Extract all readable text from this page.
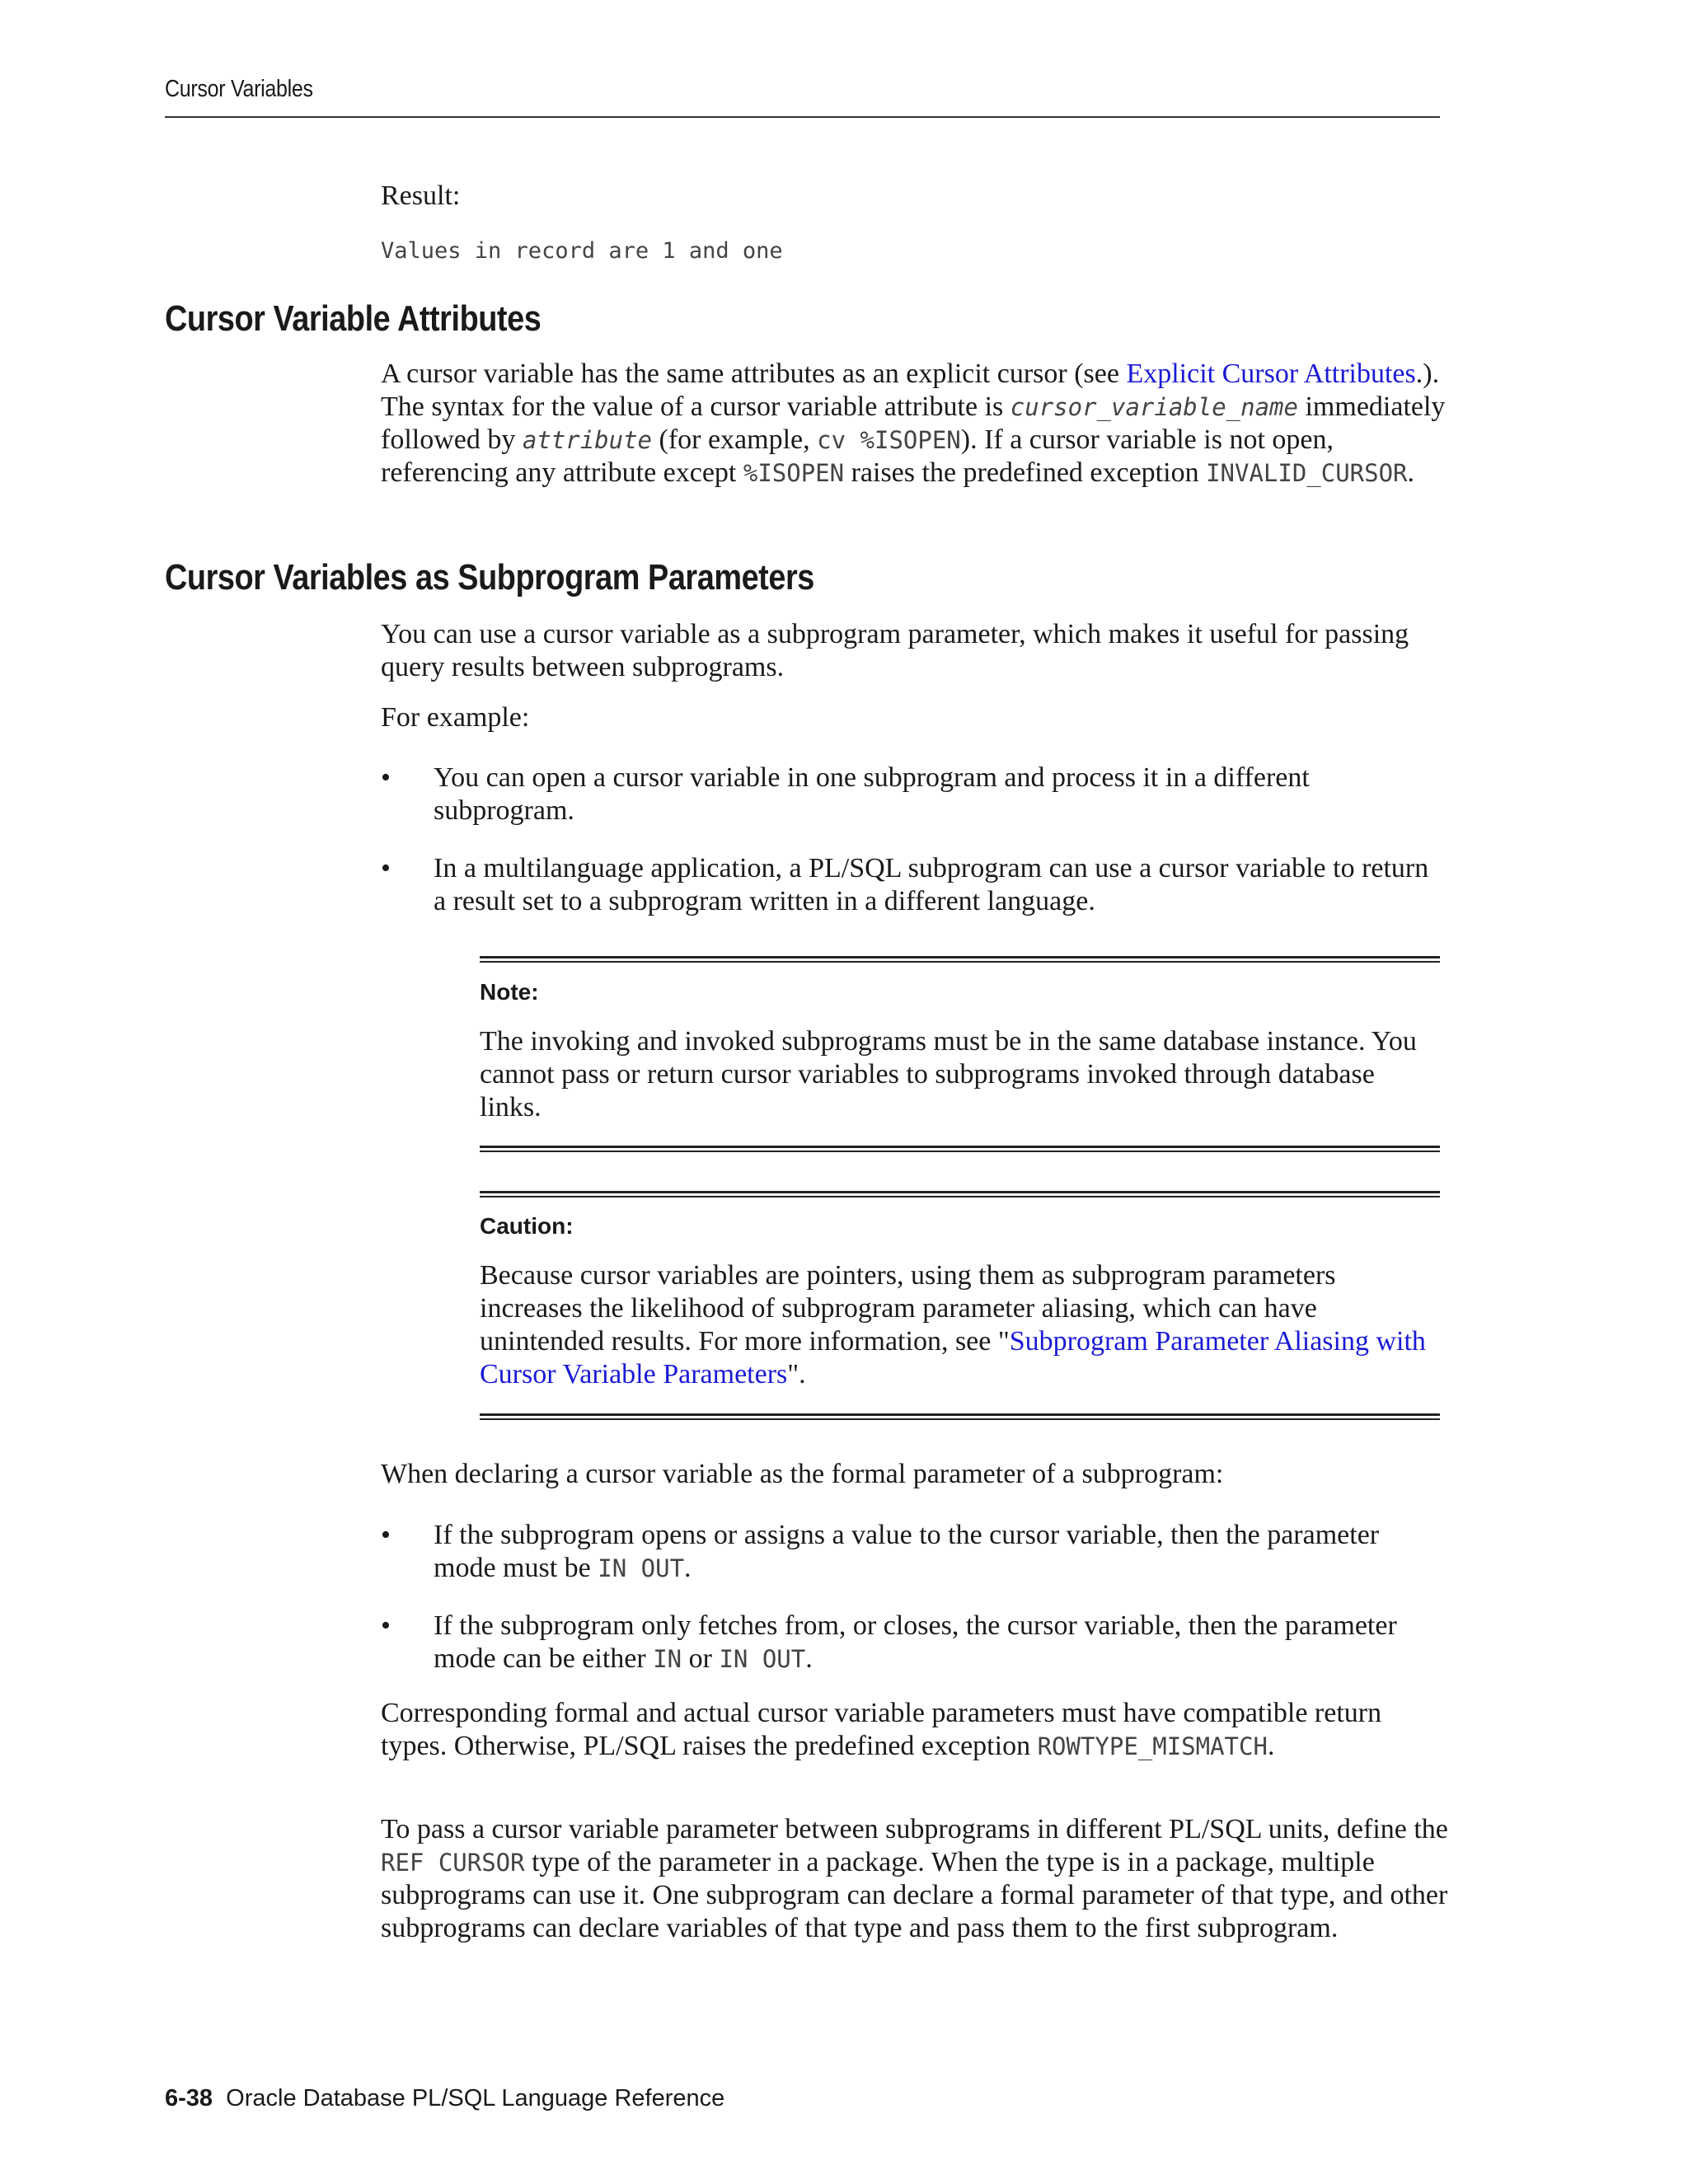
Cursor Variables

Result:

Values in record are 1 and one
Cursor Variable Attributes

A cursor variable has the same attributes as an explicit cursor (see Explicit Cursor Attributes.). The syntax for the value of a cursor variable attribute is cursor_variable_name immediately followed by attribute (for example, cv %ISOPEN). If a cursor variable is not open, referencing any attribute except %ISOPEN raises the predefined exception INVALID_CURSOR.

Cursor Variables as Subprogram Parameters

You can use a cursor variable as a subprogram parameter, which makes it useful for passing query results between subprograms.

For example:

• You can open a cursor variable in one subprogram and process it in a different subprogram.
• In a multilanguage application, a PL/SQL subprogram can use a cursor variable to return a result set to a subprogram written in a different language.
Note:
The invoking and invoked subprograms must be in the same database instance. You cannot pass or return cursor variables to subprograms invoked through database links.
Caution:
Because cursor variables are pointers, using them as subprogram parameters increases the likelihood of subprogram parameter aliasing, which can have unintended results. For more information, see "Subprogram Parameter Aliasing with Cursor Variable Parameters".

When declaring a cursor variable as the formal parameter of a subprogram:

• If the subprogram opens or assigns a value to the cursor variable, then the parameter mode must be IN OUT.
• If the subprogram only fetches from, or closes, the cursor variable, then the parameter mode can be either IN or IN OUT.

Corresponding formal and actual cursor variable parameters must have compatible return types. Otherwise, PL/SQL raises the predefined exception ROWTYPE_MISMATCH.

To pass a cursor variable parameter between subprograms in different PL/SQL units, define the REF CURSOR type of the parameter in a package. When the type is in a package, multiple subprograms can use it. One subprogram can declare a formal parameter of that type, and other subprograms can declare variables of that type and pass them to the first subprogram.

6-38 Oracle Database PL/SQL Language Reference
